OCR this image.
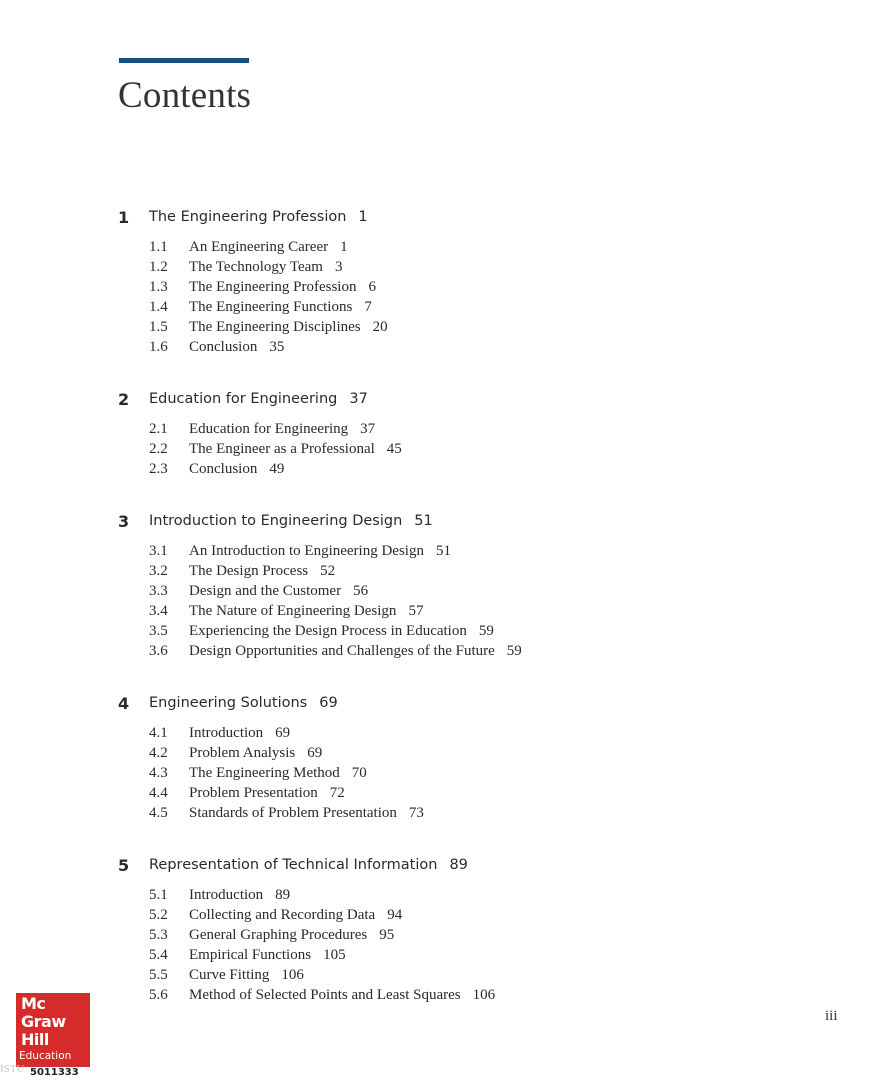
Contents
1 The Engineering Profession 1
1.1 An Engineering Career 1
1.2 The Technology Team 3
1.3 The Engineering Profession 6
1.4 The Engineering Functions 7
1.5 The Engineering Disciplines 20
1.6 Conclusion 35
2 Education for Engineering 37
2.1 Education for Engineering 37
2.2 The Engineer as a Professional 45
2.3 Conclusion 49
3 Introduction to Engineering Design 51
3.1 An Introduction to Engineering Design 51
3.2 The Design Process 52
3.3 Design and the Customer 56
3.4 The Nature of Engineering Design 57
3.5 Experiencing the Design Process in Education 59
3.6 Design Opportunities and Challenges of the Future 59
4 Engineering Solutions 69
4.1 Introduction 69
4.2 Problem Analysis 69
4.3 The Engineering Method 70
4.4 Problem Presentation 72
4.5 Standards of Problem Presentation 73
5 Representation of Technical Information 89
5.1 Introduction 89
5.2 Collecting and Recording Data 94
5.3 General Graphing Procedures 95
5.4 Empirical Functions 105
5.5 Curve Fitting 106
5.6 Method of Selected Points and Least Squares 106
iii
Mc
Graw
Hill
Education
5011333
ISTU
